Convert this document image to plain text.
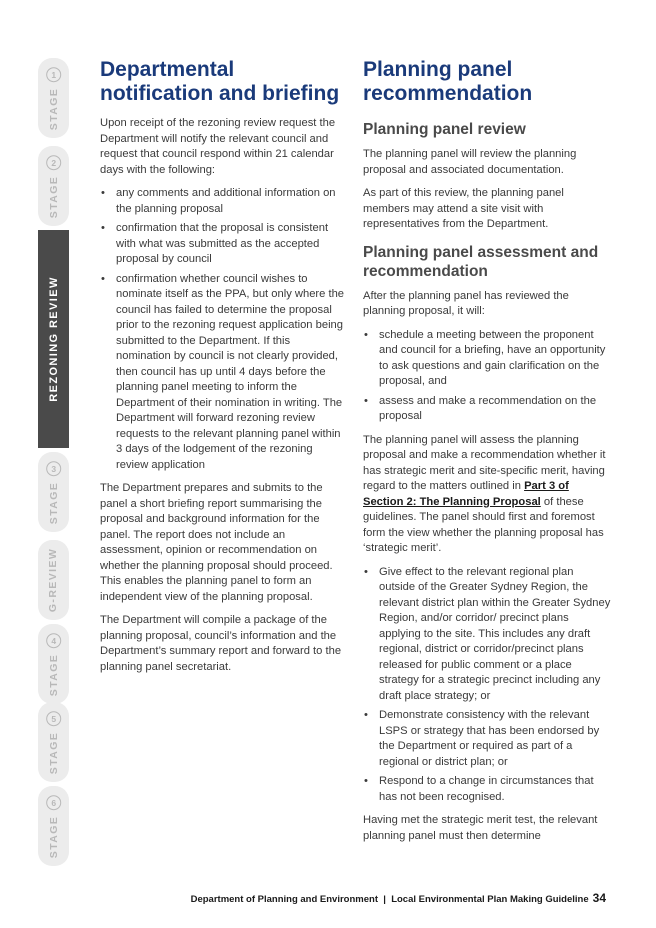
STAGE
1
STAGE
2
REZONING REVIEW
STAGE
3
G-REVIEW
STAGE
4
STAGE
5
STAGE
6
Departmental notification and briefing

Upon receipt of the rezoning review request the Department will notify the relevant council and request that council respond within 21 calendar days with the following:

• any comments and additional information on the planning proposal
• confirmation that the proposal is consistent with what was submitted as the accepted proposal by council
• confirmation whether council wishes to nominate itself as the PPA, but only where the council has failed to determine the proposal prior to the rezoning request application being submitted to the Department. If this nomination by council is not clearly provided, then council has up until 4 days before the planning panel meeting to inform the Department of their nomination in writing. The Department will forward rezoning review requests to the relevant planning panel within 3 days of the lodgement of the rezoning review application

The Department prepares and submits to the panel a short briefing report summarising the proposal and background information for the panel. The report does not include an assessment, opinion or recommendation on whether the planning proposal should proceed. This enables the planning panel to form an independent view of the planning proposal.

The Department will compile a package of the planning proposal, council’s information and the Department’s summary report and forward to the planning panel secretariat.

Planning panel recommendation
Planning panel review

The planning panel will review the planning proposal and associated documentation.

As part of this review, the planning panel members may attend a site visit with representatives from the Department.

Planning panel assessment and recommendation

After the planning panel has reviewed the planning proposal, it will:

• schedule a meeting between the proponent and council for a briefing, have an opportunity to ask questions and gain clarification on the proposal, and
• assess and make a recommendation on the proposal

The planning panel will assess the planning proposal and make a recommendation whether it has strategic merit and site-specific merit, having regard to the matters outlined in Part 3 of Section 2: The Planning Proposal of these guidelines. The panel should first and foremost form the view whether the planning proposal has ‘strategic merit’.

• Give effect to the relevant regional plan outside of the Greater Sydney Region, the relevant district plan within the Greater Sydney Region, and/or corridor/ precinct plans applying to the site. This includes any draft regional, district or corridor/precinct plans released for public comment or a place strategy for a strategic precinct including any draft place strategy; or
• Demonstrate consistency with the relevant LSPS or strategy that has been endorsed by the Department or required as part of a regional or district plan; or
• Respond to a change in circumstances that has not been recognised.

Having met the strategic merit test, the relevant planning panel must then determine

Department of Planning and Environment  |  Local Environmental Plan Making Guideline 34
